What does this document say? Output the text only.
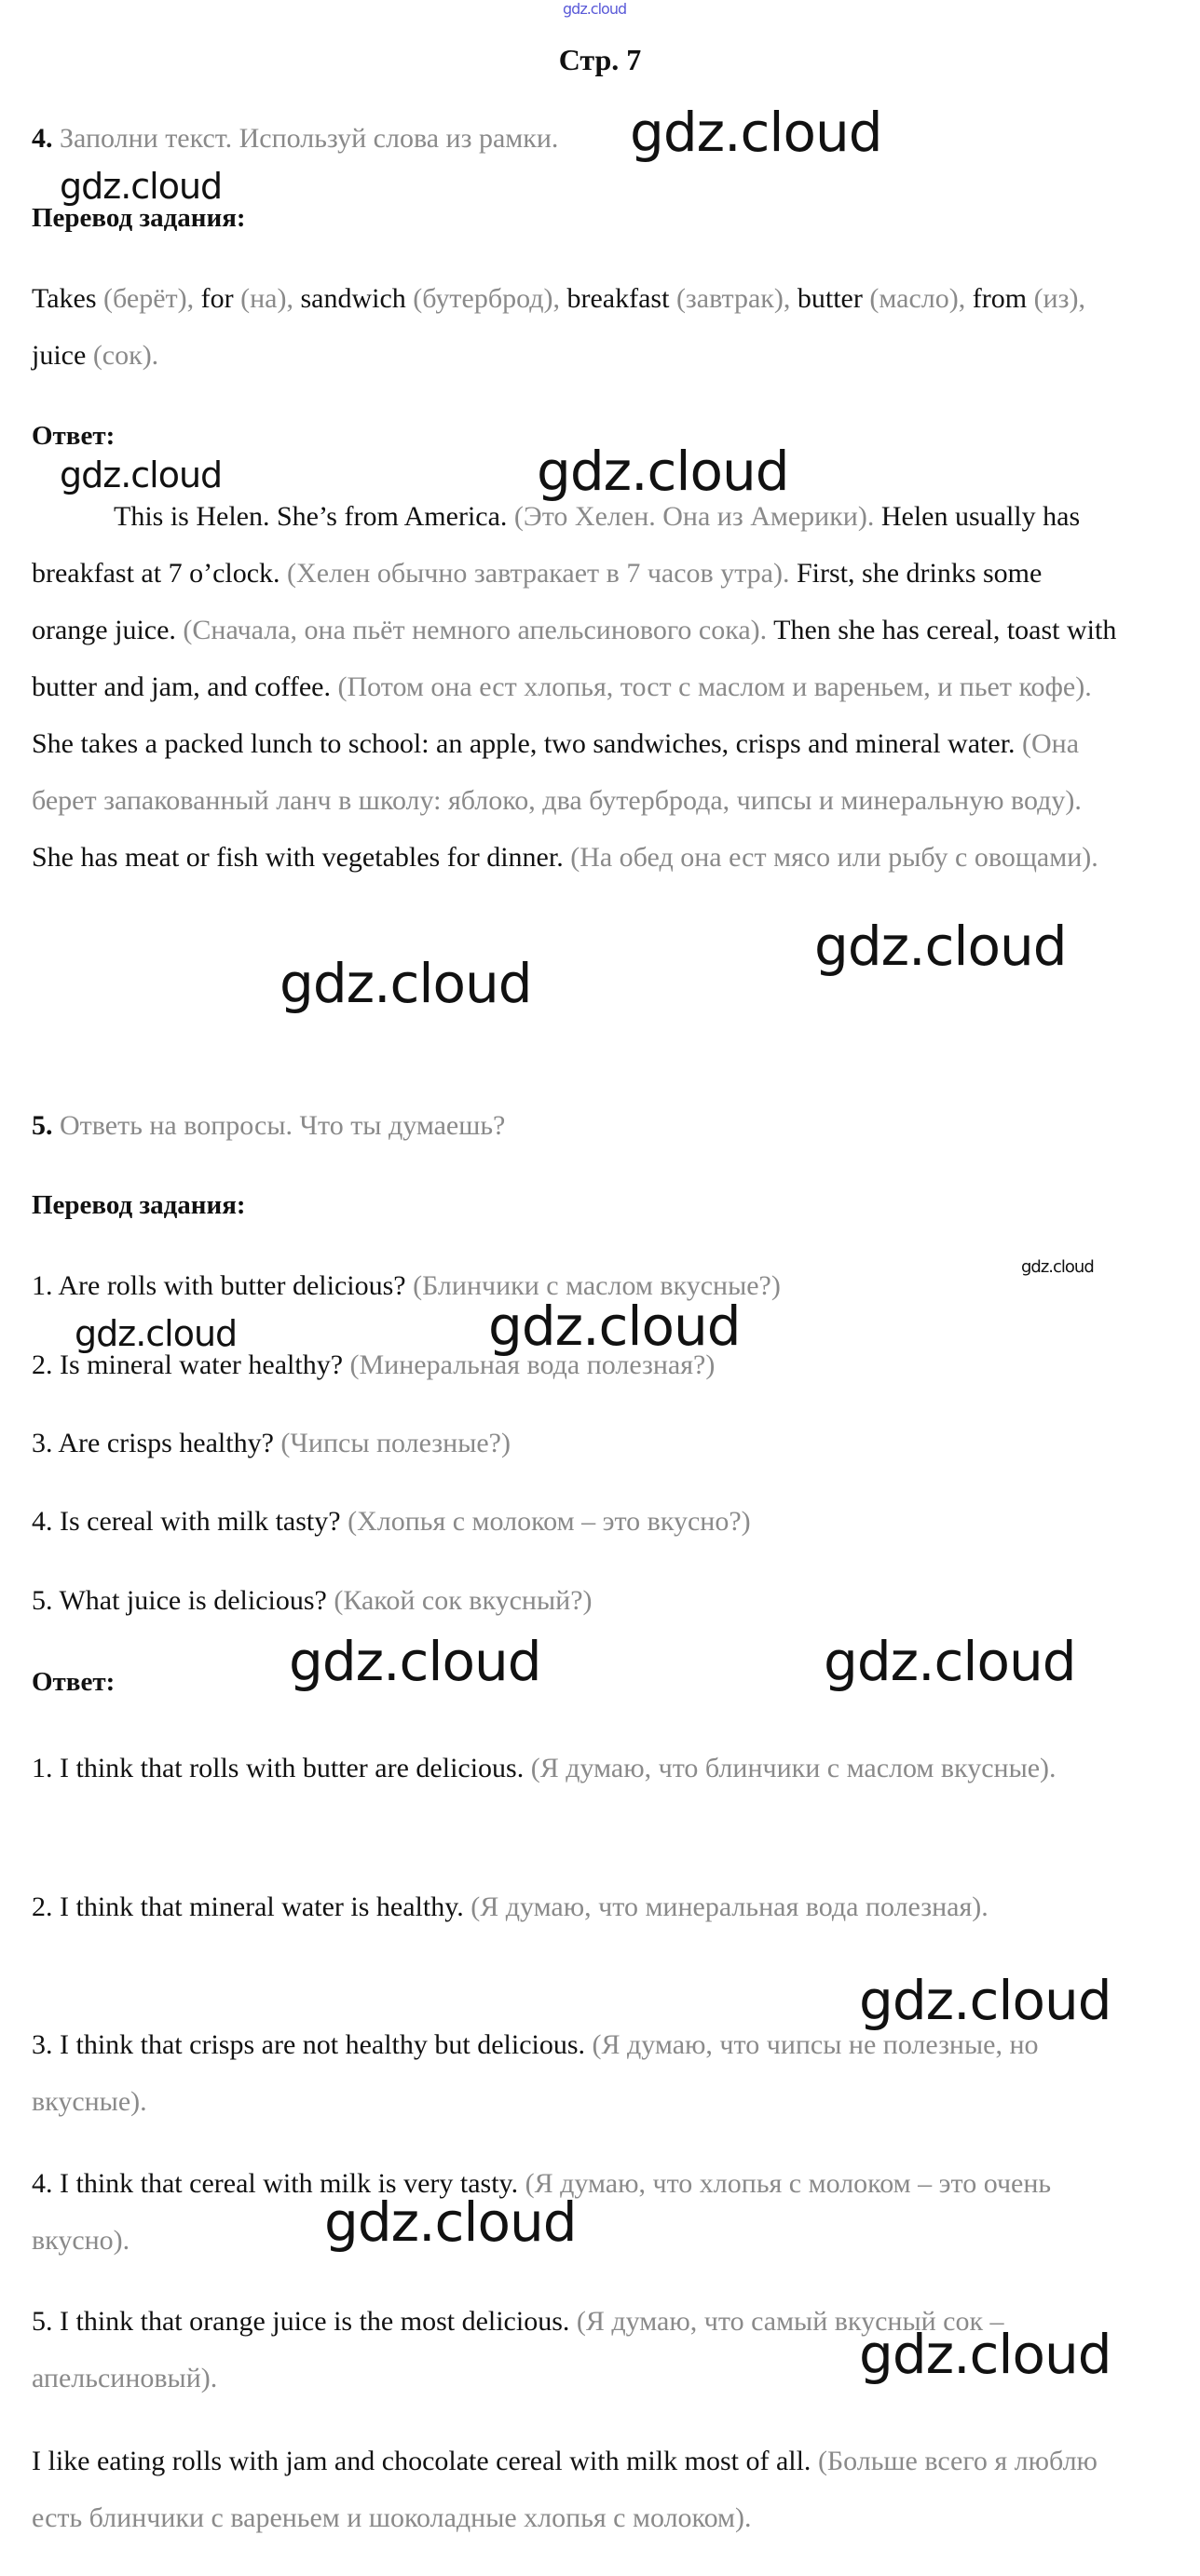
gdz.cloud
Стр. 7
4. Заполни текст. Используй слова из рамки.
Перевод задания:

Takes (берёт), for (на), sandwich (бутерброд), breakfast (завтрак), butter (масло), from (из), juice (сок).

Ответ:

This is Helen. She’s from America. (Это Хелен. Она из Америки). Helen usually has breakfast at 7 o’clock. (Хелен обычно завтракает в 7 часов утра). First, she drinks some orange juice. (Сначала, она пьёт немного апельсинового сока). Then she has cereal, toast with butter and jam, and coffee. (Потом она ест хлопья, тост с маслом и вареньем, и пьет кофе). She takes a packed lunch to school: an apple, two sandwiches, crisps and mineral water. (Она берет запакованный ланч в школу: яблоко, два бутерброда, чипсы и минеральную воду). She has meat or fish with vegetables for dinner. (На обед она ест мясо или рыбу с овощами).

5. Ответь на вопросы. Что ты думаешь?
Перевод задания:
1. Are rolls with butter delicious? (Блинчики с маслом вкусные?)
2. Is mineral water healthy? (Минеральная вода полезная?)
3. Are crisps healthy? (Чипсы полезные?)
4. Is cereal with milk tasty? (Хлопья с молоком – это вкусно?)
5. What juice is delicious? (Какой сок вкусный?)
Ответ:

1. I think that rolls with butter are delicious. (Я думаю, что блинчики с маслом вкусные).

2. I think that mineral water is healthy. (Я думаю, что минеральная вода полезная).

3. I think that crisps are not healthy but delicious. (Я думаю, что чипсы не полезные, но вкусные).

4. I think that cereal with milk is very tasty. (Я думаю, что хлопья с молоком – это очень вкусно).

5. I think that orange juice is the most delicious. (Я думаю, что самый вкусный сок – апельсиновый).

I like eating rolls with jam and chocolate cereal with milk most of all. (Больше всего я люблю есть блинчики с вареньем и шоколадные хлопья с молоком).

gdz.cloud
gdz.cloud
gdz.cloud	gdz.cloud
gdz.cloud
gdz.cloud
gdz.cloud
gdz.cloud	gdz.cloud
gdz.cloud	gdz.cloud
gdz.cloud
gdz.cloud
gdz.cloud
